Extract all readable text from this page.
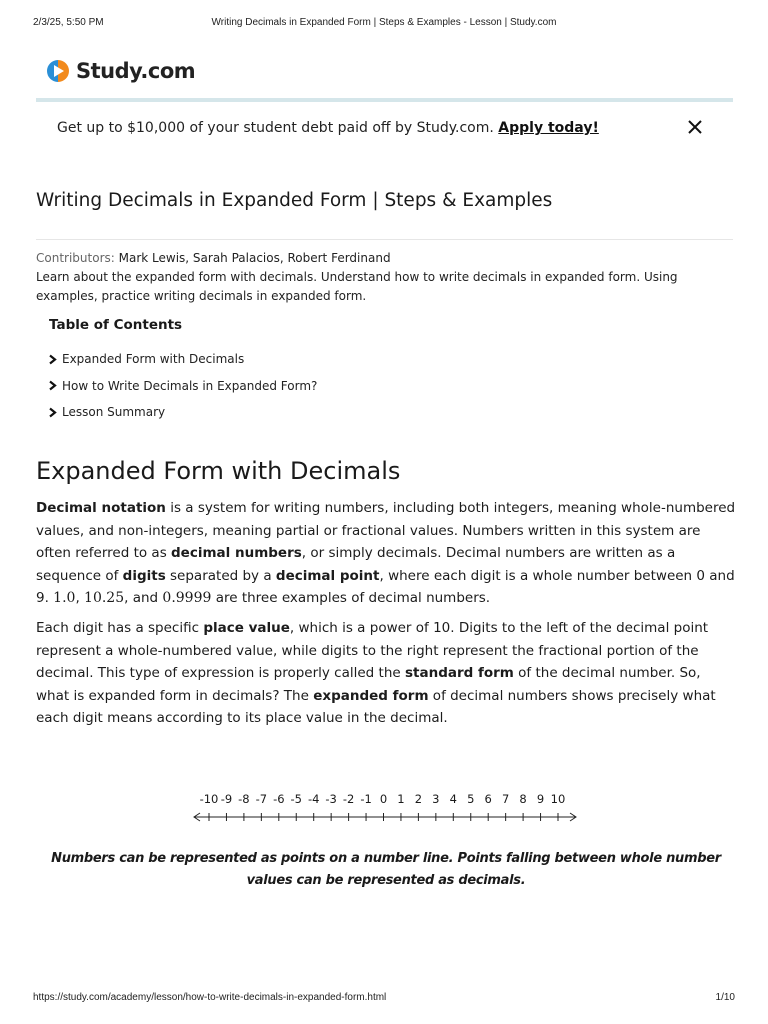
2/3/25, 5:50 PM	Writing Decimals in Expanded Form | Steps & Examples - Lesson | Study.com
Study.com
Get up to $10,000 of your student debt paid off by Study.com. Apply today!
Writing Decimals in Expanded Form | Steps & Examples
Contributors: Mark Lewis, Sarah Palacios, Robert Ferdinand
Learn about the expanded form with decimals. Understand how to write decimals in expanded form. Using examples, practice writing decimals in expanded form.
Table of Contents
Expanded Form with Decimals
How to Write Decimals in Expanded Form?
Lesson Summary
Expanded Form with Decimals

Decimal notation is a system for writing numbers, including both integers, meaning whole-numbered values, and non-integers, meaning partial or fractional values. Numbers written in this system are often referred to as decimal numbers, or simply decimals. Decimal numbers are written as a sequence of digits separated by a decimal point, where each digit is a whole number between 0 and 9. 1.0, 10.25, and 0.9999 are three examples of decimal numbers.

Each digit has a specific place value, which is a power of 10. Digits to the left of the decimal point represent a whole-numbered value, while digits to the right represent the fractional portion of the decimal. This type of expression is properly called the standard form of the decimal number. So, what is expanded form in decimals? The expanded form of decimal numbers shows precisely what each digit means according to its place value in the decimal.

-10 -9 -8 -7 -6 -5 -4 -3 -2 -1 0 1 2 3 4 5 6 7 8 9 10
Numbers can be represented as points on a number line. Points falling between whole number values can be represented as decimals.
https://study.com/academy/lesson/how-to-write-decimals-in-expanded-form.html	1/10
